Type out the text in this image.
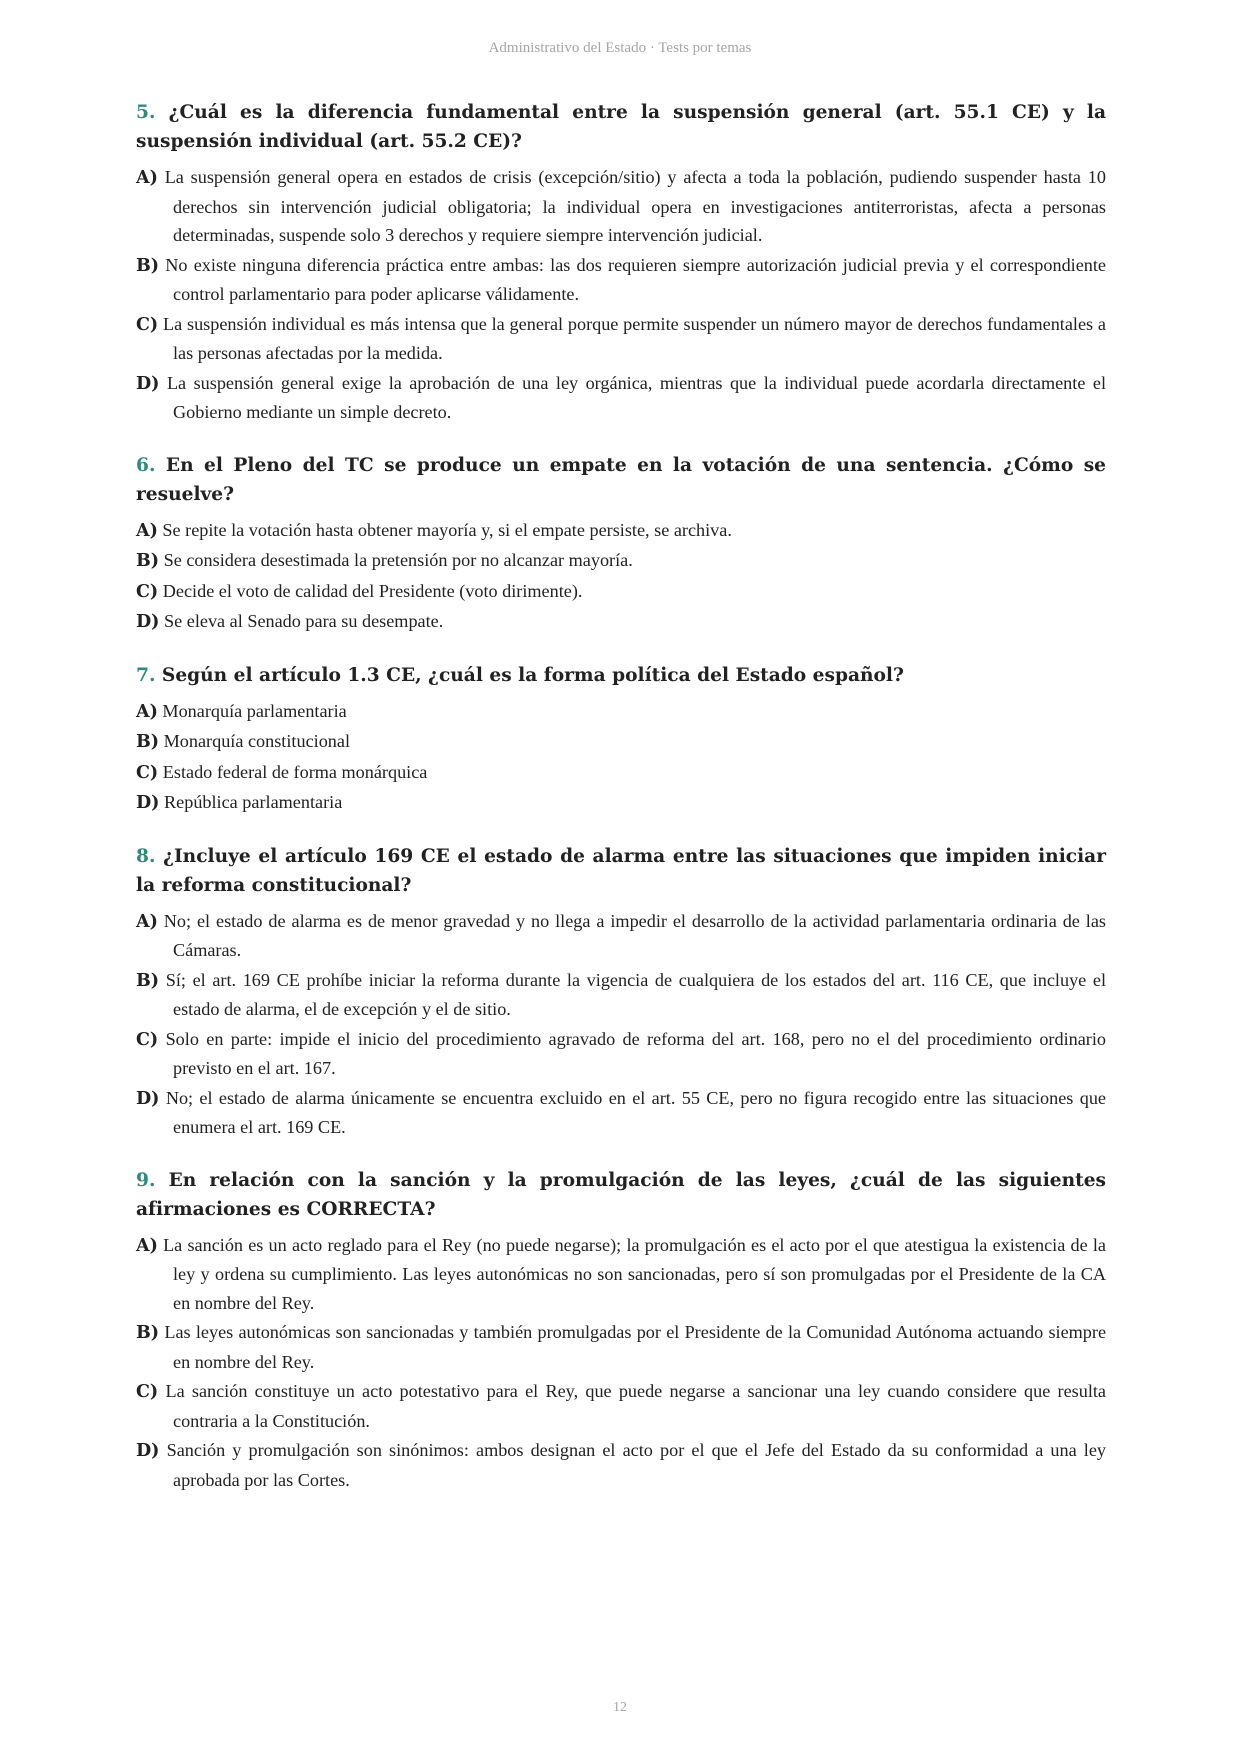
Administrativo del Estado · Tests por temas

5. ¿Cuál es la diferencia fundamental entre la suspensión general (art. 55.1 CE) y la suspensión individual (art. 55.2 CE)?

A) La suspensión general opera en estados de crisis (excepción/sitio) y afecta a toda la población, pudiendo suspender hasta 10 derechos sin intervención judicial obligatoria; la individual opera en investigaciones antiterroristas, afecta a personas determinadas, suspende solo 3 derechos y requiere siempre intervención judicial.

B) No existe ninguna diferencia práctica entre ambas: las dos requieren siempre autorización judicial previa y el correspondiente control parlamentario para poder aplicarse válidamente.

C) La suspensión individual es más intensa que la general porque permite suspender un número mayor de derechos fundamentales a las personas afectadas por la medida.

D) La suspensión general exige la aprobación de una ley orgánica, mientras que la individual puede acordarla directamente el Gobierno mediante un simple decreto.

6. En el Pleno del TC se produce un empate en la votación de una sentencia. ¿Cómo se resuelve?

A) Se repite la votación hasta obtener mayoría y, si el empate persiste, se archiva.

B) Se considera desestimada la pretensión por no alcanzar mayoría.

C) Decide el voto de calidad del Presidente (voto dirimente).

D) Se eleva al Senado para su desempate.

7. Según el artículo 1.3 CE, ¿cuál es la forma política del Estado español?

A) Monarquía parlamentaria

B) Monarquía constitucional

C) Estado federal de forma monárquica

D) República parlamentaria

8. ¿Incluye el artículo 169 CE el estado de alarma entre las situaciones que impiden iniciar la reforma constitucional?

A) No; el estado de alarma es de menor gravedad y no llega a impedir el desarrollo de la actividad parlamentaria ordinaria de las Cámaras.

B) Sí; el art. 169 CE prohíbe iniciar la reforma durante la vigencia de cualquiera de los estados del art. 116 CE, que incluye el estado de alarma, el de excepción y el de sitio.

C) Solo en parte: impide el inicio del procedimiento agravado de reforma del art. 168, pero no el del procedimiento ordinario previsto en el art. 167.

D) No; el estado de alarma únicamente se encuentra excluido en el art. 55 CE, pero no figura recogido entre las situaciones que enumera el art. 169 CE.

9. En relación con la sanción y la promulgación de las leyes, ¿cuál de las siguientes afirmaciones es CORRECTA?

A) La sanción es un acto reglado para el Rey (no puede negarse); la promulgación es el acto por el que atestigua la existencia de la ley y ordena su cumplimiento. Las leyes autonómicas no son sancionadas, pero sí son promulgadas por el Presidente de la CA en nombre del Rey.

B) Las leyes autonómicas son sancionadas y también promulgadas por el Presidente de la Comunidad Autónoma actuando siempre en nombre del Rey.

C) La sanción constituye un acto potestativo para el Rey, que puede negarse a sancionar una ley cuando considere que resulta contraria a la Constitución.

D) Sanción y promulgación son sinónimos: ambos designan el acto por el que el Jefe del Estado da su conformidad a una ley aprobada por las Cortes.

12
